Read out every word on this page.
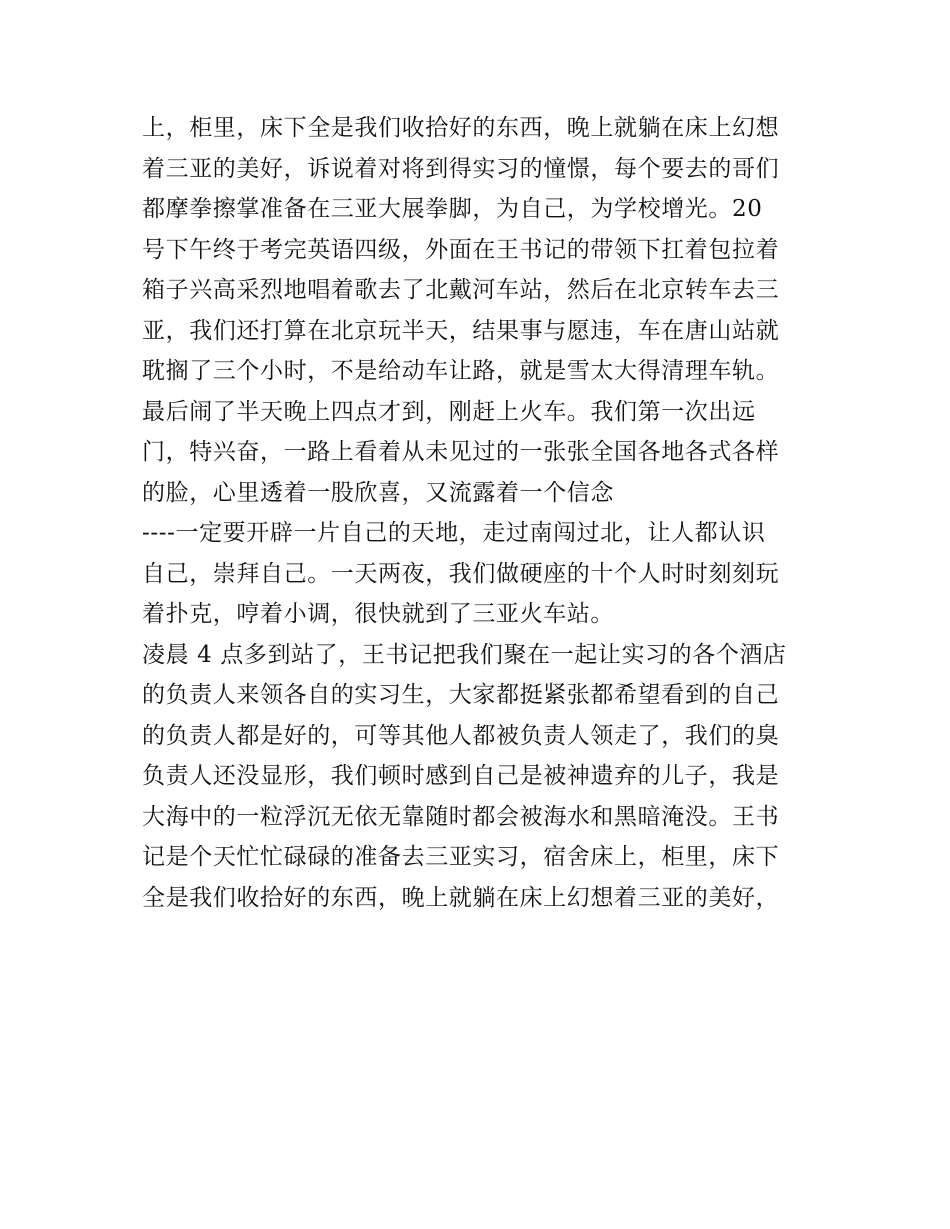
上，柜里，床下全是我们收拾好的东西，晚上就躺在床上幻想
着三亚的美好，诉说着对将到得实习的憧憬，每个要去的哥们
都摩拳擦掌准备在三亚大展拳脚，为自己，为学校增光。20
号下午终于考完英语四级，外面在王书记的带领下扛着包拉着
箱子兴高采烈地唱着歌去了北戴河车站，然后在北京转车去三
亚，我们还打算在北京玩半天，结果事与愿违，车在唐山站就
耽搁了三个小时，不是给动车让路，就是雪太大得清理车轨。
最后闹了半天晚上四点才到，刚赶上火车。我们第一次出远
门，特兴奋，一路上看着从未见过的一张张全国各地各式各样
的脸，心里透着一股欣喜，又流露着一个信念
----一定要开辟一片自己的天地，走过南闯过北，让人都认识
自己，崇拜自己。一天两夜，我们做硬座的十个人时时刻刻玩
着扑克，哼着小调，很快就到了三亚火车站。
凌晨 4 点多到站了，王书记把我们聚在一起让实习的各个酒店
的负责人来领各自的实习生，大家都挺紧张都希望看到的自己
的负责人都是好的，可等其他人都被负责人领走了，我们的臭
负责人还没显形，我们顿时感到自己是被神遗弃的儿子，我是
大海中的一粒浮沉无依无靠随时都会被海水和黑暗淹没。王书
记是个天忙忙碌碌的准备去三亚实习，宿舍床上，柜里，床下
全是我们收拾好的东西，晚上就躺在床上幻想着三亚的美好，
